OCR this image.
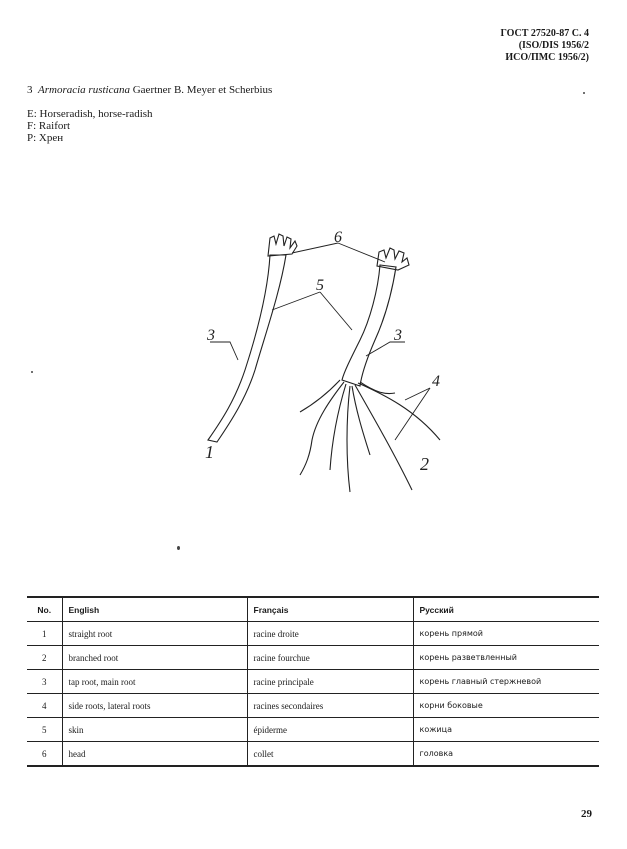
ГОСТ 27520-87 С. 4
(ISO/DIS 1956/2
ИСО/ПМС 1956/2)
3 Armoracia rusticana Gaertner B. Meyer et Scherbius
E: Horseradish, horse-radish
F: Raifort
P: Хрен
6
5
3	3
4
1
2
No.	English	Français	Русский
1	straight root	racine droite	корень прямой
2	branched root	racine fourchue	корень разветвленный
3	tap root, main root	racine principale	корень главный стержневой
4	side roots, lateral roots	racines secondaires	корни боковые
5	skin	épiderme	кожица
6	head	collet	головка
29
